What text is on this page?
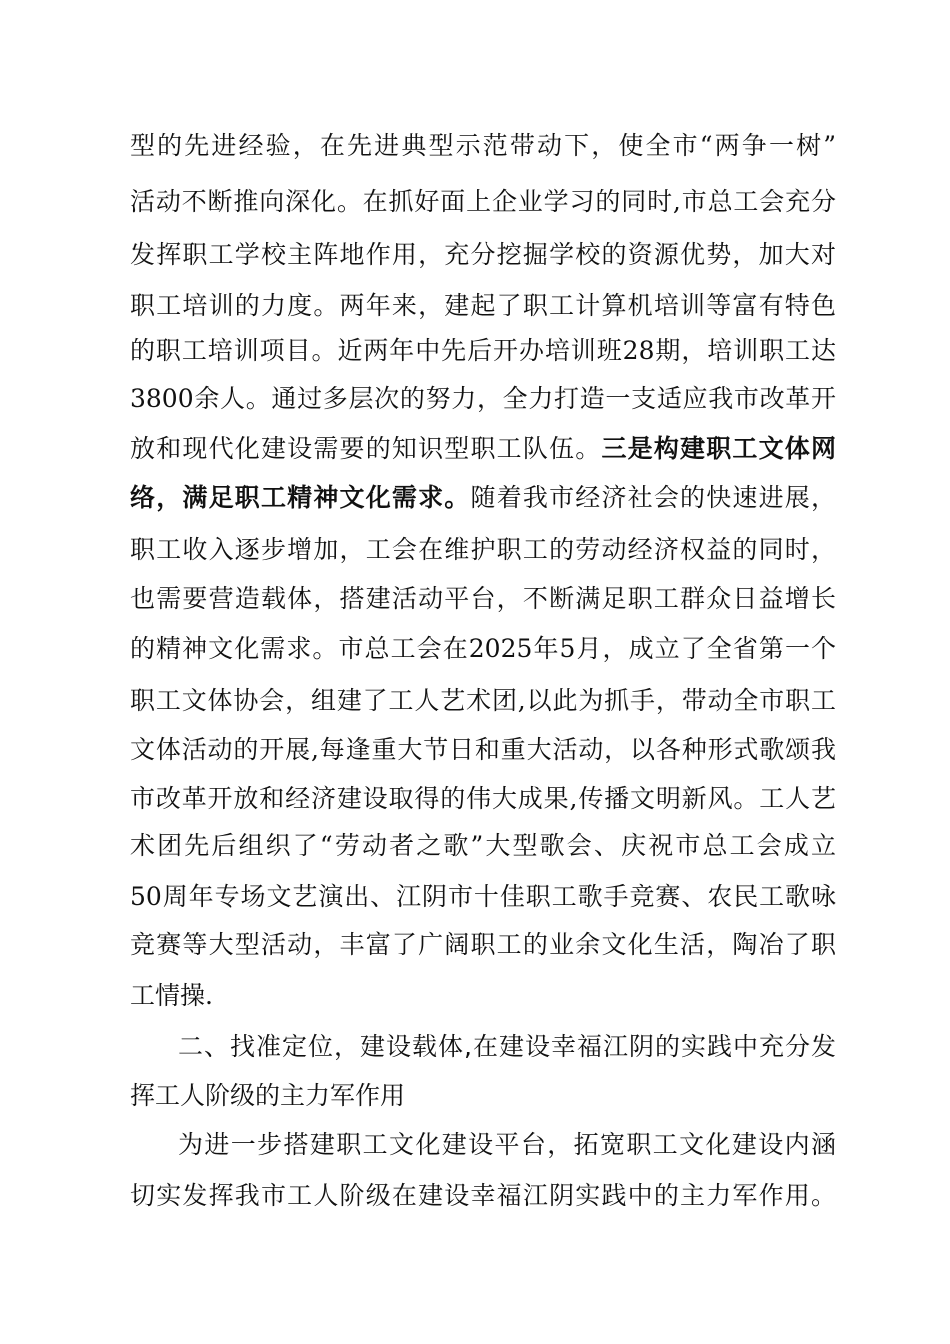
型的先进经验，在先进典型示范带动下，使全市“两争一树”
活动不断推向深化。在抓好面上企业学习的同时,市总工会充分
发挥职工学校主阵地作用，充分挖掘学校的资源优势，加大对
职工培训的力度。两年来，建起了职工计算机培训等富有特色
的职工培训项目。近两年中先后开办培训班28期，培训职工达
3800余人。通过多层次的努力，全力打造一支适应我市改革开
放和现代化建设需要的知识型职工队伍。三是构建职工文体网
络，满足职工精神文化需求。随着我市经济社会的快速进展，
职工收入逐步增加，工会在维护职工的劳动经济权益的同时，
也需要营造载体，搭建活动平台，不断满足职工群众日益增长
的精神文化需求。市总工会在2025年5月，成立了全省第一个
职工文体协会，组建了工人艺术团,以此为抓手，带动全市职工
文体活动的开展,每逢重大节日和重大活动，以各种形式歌颂我
市改革开放和经济建设取得的伟大成果,传播文明新风。工人艺
术团先后组织了“劳动者之歌”大型歌会、庆祝市总工会成立
50周年专场文艺演出、江阴市十佳职工歌手竞赛、农民工歌咏
竞赛等大型活动，丰富了广阔职工的业余文化生活，陶冶了职
工情操.
二、找准定位，建设载体,在建设幸福江阴的实践中充分发
挥工人阶级的主力军作用
为进一步搭建职工文化建设平台，拓宽职工文化建设内涵
切实发挥我市工人阶级在建设幸福江阴实践中的主力军作用。
